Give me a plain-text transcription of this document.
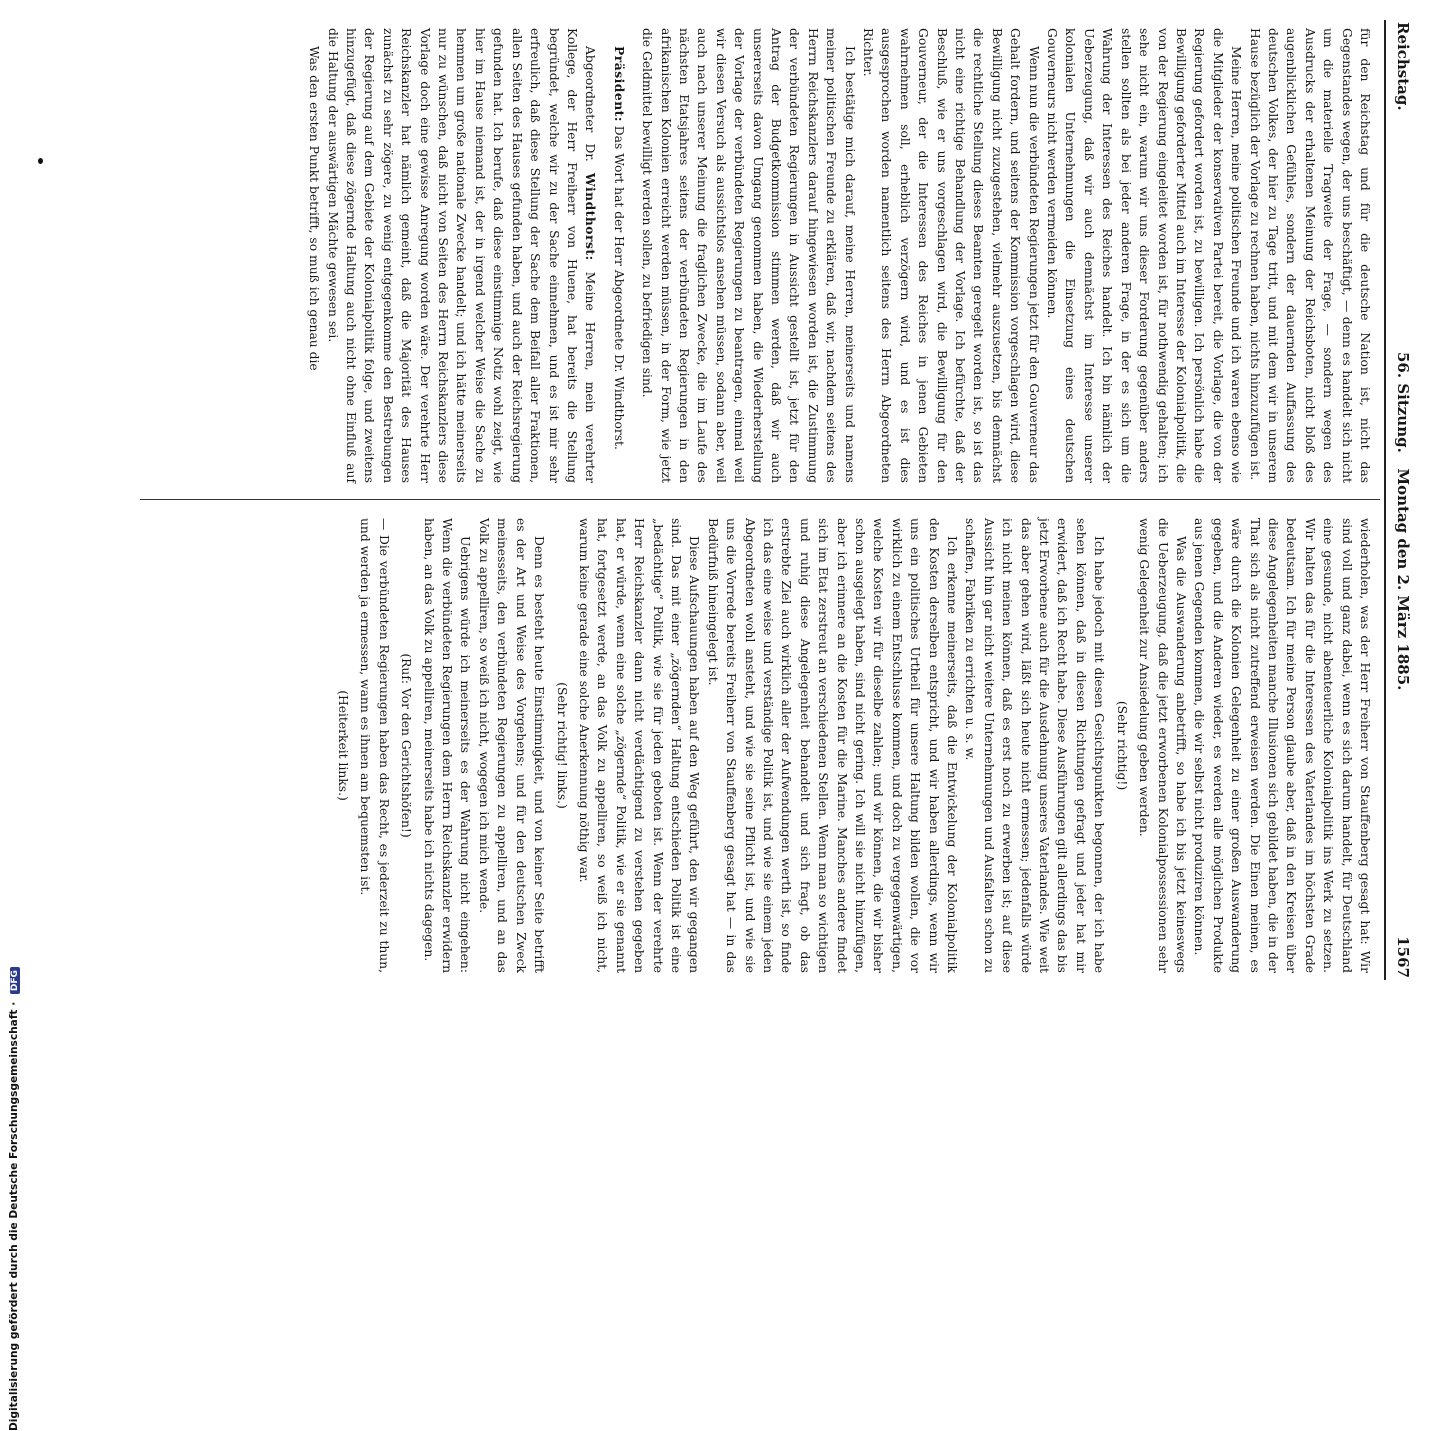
Reichstag.
56. Sitzung.   Montag den 2. März 1885.
1567

für den Reichstag und für die deutsche Nation ist, nicht das Gegenstandes wegen, der uns beschäftigt, — denn es handelt sich nicht um die materielle Tragweite der Frage, — sondern wegen des Ausdrucks der erhaltenen Meinung der Reichsboten, nicht bloß des augenblicklichen Gefühles, sondern der dauernden Auffassung des deutschen Volkes, der hier zu Tage tritt, und mit dem wir in unserem Hause bezüglich der Vorlage zu rechnen haben, nichts hinzuzufügen ist.

Meine Herren, meine politischen Freunde und ich waren ebenso wie die Mitglieder der konservativen Partei bereit, die Vorlage, die von der Regierung gefordert worden ist, zu bewilligen. Ich persönlich habe die Bewilligung geforderter Mittel auch im Interesse der Kolonialpolitik, die von der Regierung eingeleitet worden ist, für nothwendig gehalten; ich sehe nicht ein, warum wir uns dieser Forderung gegenüber anders stellen sollten als bei jeder anderen Frage, in der es sich um die Wahrung der Interessen des Reiches handelt. Ich bin nämlich der Ueberzeugung, daß wir auch demnächst im Interesse unserer kolonialen Unternehmungen die Einsetzung eines deutschen Gouverneurs nicht werden vermeiden können.

Wenn nun die verbündeten Regierungen jetzt für den Gouverneur das Gehalt fordern, und seitens der Kommission vorgeschlagen wird, diese Bewilligung nicht zuzugestehen, vielmehr auszusetzen, bis demnächst die rechtliche Stellung dieses Beamten geregelt worden ist, so ist das nicht eine richtige Behandlung der Vorlage. Ich befürchte, daß der Beschluß, wie er uns vorgeschlagen wird, die Bewilligung für den Gouverneur, der die Interessen des Reiches in jenen Gebieten wahrnehmen soll, erheblich verzögern wird, und es ist dies ausgesprochen worden namentlich seitens des Herrn Abgeordneten Richter.

Ich bestätige mich darauf, meine Herren, meinerseits und namens meiner politischen Freunde zu erklären, daß wir, nachdem seitens des Herrn Reichskanzlers darauf hingewiesen worden ist, die Zustimmung der verbündeten Regierungen in Aussicht gestellt ist, jetzt für den Antrag der Budgetkommission stimmen werden, daß wir auch unsererseits davon Umgang genommen haben, die Wiederherstellung der Vorlage der verbündeten Regierungen zu beantragen, einmal weil wir diesen Versuch als aussichtslos ansehen müssen, sodann aber, weil auch nach unserer Meinung die fraglichen Zwecke, die im Laufe des nächsten Etatsjahres seitens der verbündeten Regierungen in den afrikanischen Kolonien erreicht werden müssen, in der Form, wie jetzt die Geldmittel bewilligt werden sollen, zu befriedigen sind.

Präsident: Das Wort hat der Herr Abgeordnete Dr. Windthorst.

Abgeordneter Dr. Windthorst: Meine Herren, mein verehrter Kollege, der Herr Freiherr von Huene, hat bereits die Stellung begründet, welche wir zu der Sache einnehmen, und es ist mir sehr erfreulich, daß diese Stellung der Sache dem Beifall aller Fraktionen, allen Seiten des Hauses gefunden haben, und auch der Reichsregierung gefunden hat. Ich berufe, daß diese einstimmige Notiz wohl zeigt, wie hier im Hause niemand ist, der in irgend welcher Weise die Sache zu hemmen um große nationale Zwecke handelt; und ich hätte meinerseits nur zu wünschen, daß nicht von Seiten des Herrn Reichskanzlers diese Vorlage doch eine gewisse Anregung worden wäre. Der verehrte Herr Reichskanzler hat nämlich gemeint, daß die Majorität des Hauses zunächst zu sehr zögere, zu wenig entgegenkomme den Bestrebungen der Regierung auf dem Gebiete der Kolonialpolitik folge, und zweitens hinzugefügt, daß diese zögernde Haltung auch nicht ohne Einfluß auf die Haltung der auswärtigen Mächte gewesen sei.

Was den ersten Punkt betrifft, so muß ich genau die

wiederholen, was der Herr Freiherr von Stauffenberg gesagt hat: Wir sind voll und ganz dabei, wenn es sich darum handelt, für Deutschland eine gesunde, nicht abenteuerliche Kolonialpolitik ins Werk zu setzen. Wir halten das für die Interessen des Vaterlandes im höchsten Grade bedeutsam. Ich für meine Person glaube aber, daß in den Kreisen über diese Angelegenheiten manche Illusionen sich gebildet haben, die in der That sich als nicht zutreffend erweisen werden. Die Einen meinen, es wäre durch die Kolonien Gelegenheit zu einer großen Auswanderung gegeben, und die Anderen wieder, es werden alle möglichen Produkte aus jenen Gegenden kommen, die wir selbst nicht produziren können.

Was die Auswanderung anbetrifft, so habe ich bis jetzt keineswegs die Ueberzeugung, daß die jetzt erworbenen Kolonialpossessionen sehr wenig Gelegenheit zur Ansiedelung geben werden.

(Sehr richtig!)

Ich habe jedoch mit diesen Gesichtspunkten begonnen, der ich habe sehen können, daß in diesen Richtungen gefragt und jeder hat mir erwidert, daß ich Recht habe. Diese Ausführungen gilt allerdings das bis jetzt Erworbene auch für die Ausdehnung unseres Vaterlandes. Wie weit das aber gehen wird, läßt sich heute nicht ermessen; jedenfalls würde ich nicht meinen können, daß es erst noch zu erwerben ist; auf diese Aussicht hin gar nicht weitere Unternehmungen und Ausfalten schon zu schaffen, Fabriken zu errichten u. s. w.

Ich erkenne meinerseits, daß die Entwickelung der Kolonialpolitik den Kosten derselben entspricht, und wir haben allerdings, wenn wir uns ein politisches Urtheil für unsere Haltung bilden wollen, die vor wirklich zu einem Entschlusse kommen, und doch zu vergegenwärtigen, welche Kosten wir für dieselbe zahlen; und wir können, die wir bisher schon ausgelegt haben, sind nicht gering. Ich will sie nicht hinzufügen, aber ich erinnere an die Kosten für die Marine. Manches andere findet sich im Etat zerstreut an verschiedenen Stellen. Wenn man so wichtigen und ruhig diese Angelegenheit behandelt und sich fragt, ob das erstrebte Ziel auch wirklich aller der Aufwendungen werth ist, so finde ich das eine weise und verständige Politik ist, und wie sie einem jeden Abgeordneten wohl ansteht, und wie sie seine Pflicht ist, und wie sie uns die Vorrede bereits Freiherr von Stauffenberg gesagt hat — in das Bedürfniß hineingelegt ist.

Diese Aufschauungen haben auf den Weg geführt, den wir gegangen sind. Das mit einer „zögernden“ Haltung entschieden Politik ist eine „bedächtige“ Politik, wie sie für jeden geboten ist. Wenn der verehrte Herr Reichskanzler dann nicht verdächtigend zu verstehen gegeben hat, er würde, wenn eine solche „zögernde“ Politik, wie er sie genannt hat, fortgesetzt werde, an das Volk zu appelliren, so weiß ich nicht, warum keine gerade eine solche Anerkennung nöthig war.

(Sehr richtig! links.)

Denn es besteht heute Einstimmigkeit, und von keiner Seite betrifft es der Art und Weise des Vorgehens; und für den deutschen Zweck meinesseits, den verbündeten Regierungen zu appelliren, und an das Volk zu appelliren, so weiß ich nicht, wogegen ich mich wende.

Uebrigens würde ich meinerseits es der Wahrung nicht eingehen: Wenn die verbündeten Regierungen dem Herrn Reichskanzler erwidern haben, an das Volk zu appelliren, meinerseits habe ich nichts dagegen.

(Ruf: Vor den Gerichtshöfen!)

— Die verbündeten Regierungen haben das Recht, es jederzeit zu thun, und werden ja ermessen, wann es ihnen am bequemsten ist.

(Heiterkeit links.)

Digitalisierung gefördert durch die Deutsche Forschungsgemeinschaft · DFG
